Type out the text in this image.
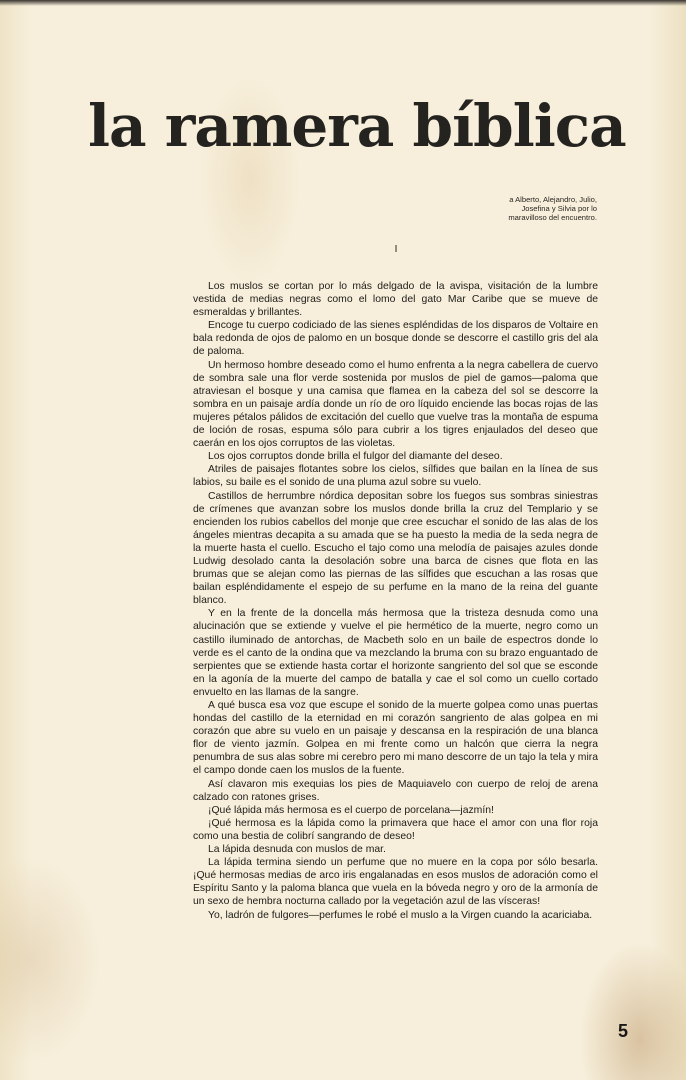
la ramera bíblica
a Alberto, Alejandro, Julio,
Josefina y Silvia por lo
maravilloso del encuentro.
I

Los muslos se cortan por lo más delgado de la avispa, visitación de la lumbre vestida de medias negras como el lomo del gato Mar Caribe que se mueve de esmeraldas y brillantes.

Encoge tu cuerpo codiciado de las sienes espléndidas de los disparos de Voltaire en bala redonda de ojos de palomo en un bosque donde se descorre el castillo gris del ala de paloma.

Un hermoso hombre deseado como el humo enfrenta a la negra cabellera de cuervo de sombra sale una flor verde sostenida por muslos de piel de gamos—paloma que atraviesan el bosque y una camisa que flamea en la cabeza del sol se descorre la sombra en un paisaje ardía donde un río de oro líquido enciende las bocas rojas de las mujeres pétalos pálidos de excitación del cuello que vuelve tras la montaña de espuma de loción de rosas, espuma sólo para cubrir a los tigres enjaulados del deseo que caerán en los ojos corruptos de las violetas.

Los ojos corruptos donde brilla el fulgor del diamante del deseo.

Atriles de paisajes flotantes sobre los cielos, sílfides que bailan en la línea de sus labios, su baile es el sonido de una pluma azul sobre su vuelo.

Castillos de herrumbre nórdica depositan sobre los fuegos sus sombras siniestras de crímenes que avanzan sobre los muslos donde brilla la cruz del Templario y se encienden los rubios cabellos del monje que cree escuchar el sonido de las alas de los ángeles mientras decapita a su amada que se ha puesto la media de la seda negra de la muerte hasta el cuello. Escucho el tajo como una melodía de paisajes azules donde Ludwig desolado canta la desolación sobre una barca de cisnes que flota en las brumas que se alejan como las piernas de las sílfides que escuchan a las rosas que bailan espléndidamente el espejo de su perfume en la mano de la reina del guante blanco.

Y en la frente de la doncella más hermosa que la tristeza desnuda como una alucinación que se extiende y vuelve el pie hermético de la muerte, negro como un castillo iluminado de antorchas, de Macbeth solo en un baile de espectros donde lo verde es el canto de la ondina que va mezclando la bruma con su brazo enguantado de serpientes que se extiende hasta cortar el horizonte sangriento del sol que se esconde en la agonía de la muerte del campo de batalla y cae el sol como un cuello cortado envuelto en las llamas de la sangre.

A qué busca esa voz que escupe el sonido de la muerte golpea como unas puertas hondas del castillo de la eternidad en mi corazón sangriento de alas golpea en mi corazón que abre su vuelo en un paisaje y descansa en la respiración de una blanca flor de viento jazmín. Golpea en mi frente como un halcón que cierra la negra penumbra de sus alas sobre mi cerebro pero mi mano descorre de un tajo la tela y mira el campo donde caen los muslos de la fuente.

Así clavaron mis exequias los pies de Maquiavelo con cuerpo de reloj de arena calzado con ratones grises.

¡Qué lápida más hermosa es el cuerpo de porcelana—jazmín!

¡Qué hermosa es la lápida como la primavera que hace el amor con una flor roja como una bestia de colibrí sangrando de deseo!

La lápida desnuda con muslos de mar.

La lápida termina siendo un perfume que no muere en la copa por sólo besarla. ¡Qué hermosas medias de arco iris engalanadas en esos muslos de adoración como el Espíritu Santo y la paloma blanca que vuela en la bóveda negro y oro de la armonía de un sexo de hembra nocturna callado por la vegetación azul de las vísceras!

Yo, ladrón de fulgores—perfumes le robé el muslo a la Virgen cuando la acariciaba.

5
